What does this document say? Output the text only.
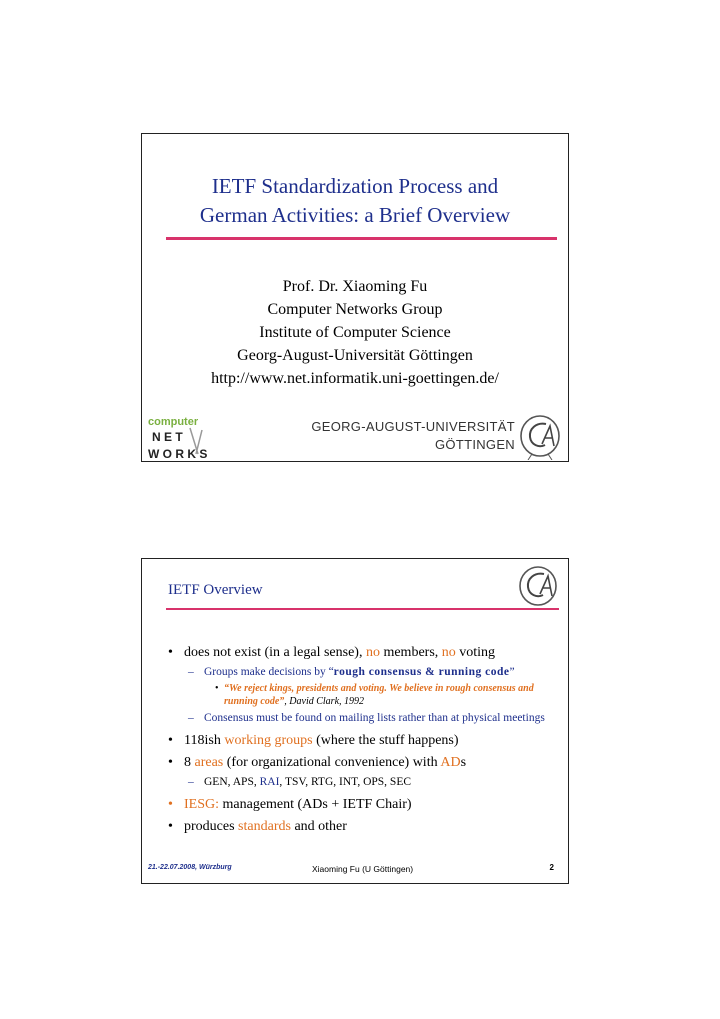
IETF Standardization Process and
German Activities: a Brief Overview
Prof. Dr. Xiaoming Fu
Computer Networks Group
Institute of Computer Science
Georg-August-Universität Göttingen
http://www.net.informatik.uni-goettingen.de/
computer
N E T
W O R K S
GEORG-AUGUST-UNIVERSITÄT
GÖTTINGEN
IETF Overview
• does not exist (in a legal sense), no members, no voting
– Groups make decisions by “rough consensus & running code”
• “We reject kings, presidents and voting. We believe in rough consensus and running code”, David Clark, 1992
– Consensus must be found on mailing lists rather than at physical meetings
• 118ish working groups (where the stuff happens)
• 8 areas (for organizational convenience) with ADs
– GEN, APS, RAI, TSV, RTG, INT, OPS, SEC
• IESG: management (ADs + IETF Chair)
• produces standards and other
21.-22.07.2008, Würzburg	Xiaoming Fu (U Göttingen)	2
